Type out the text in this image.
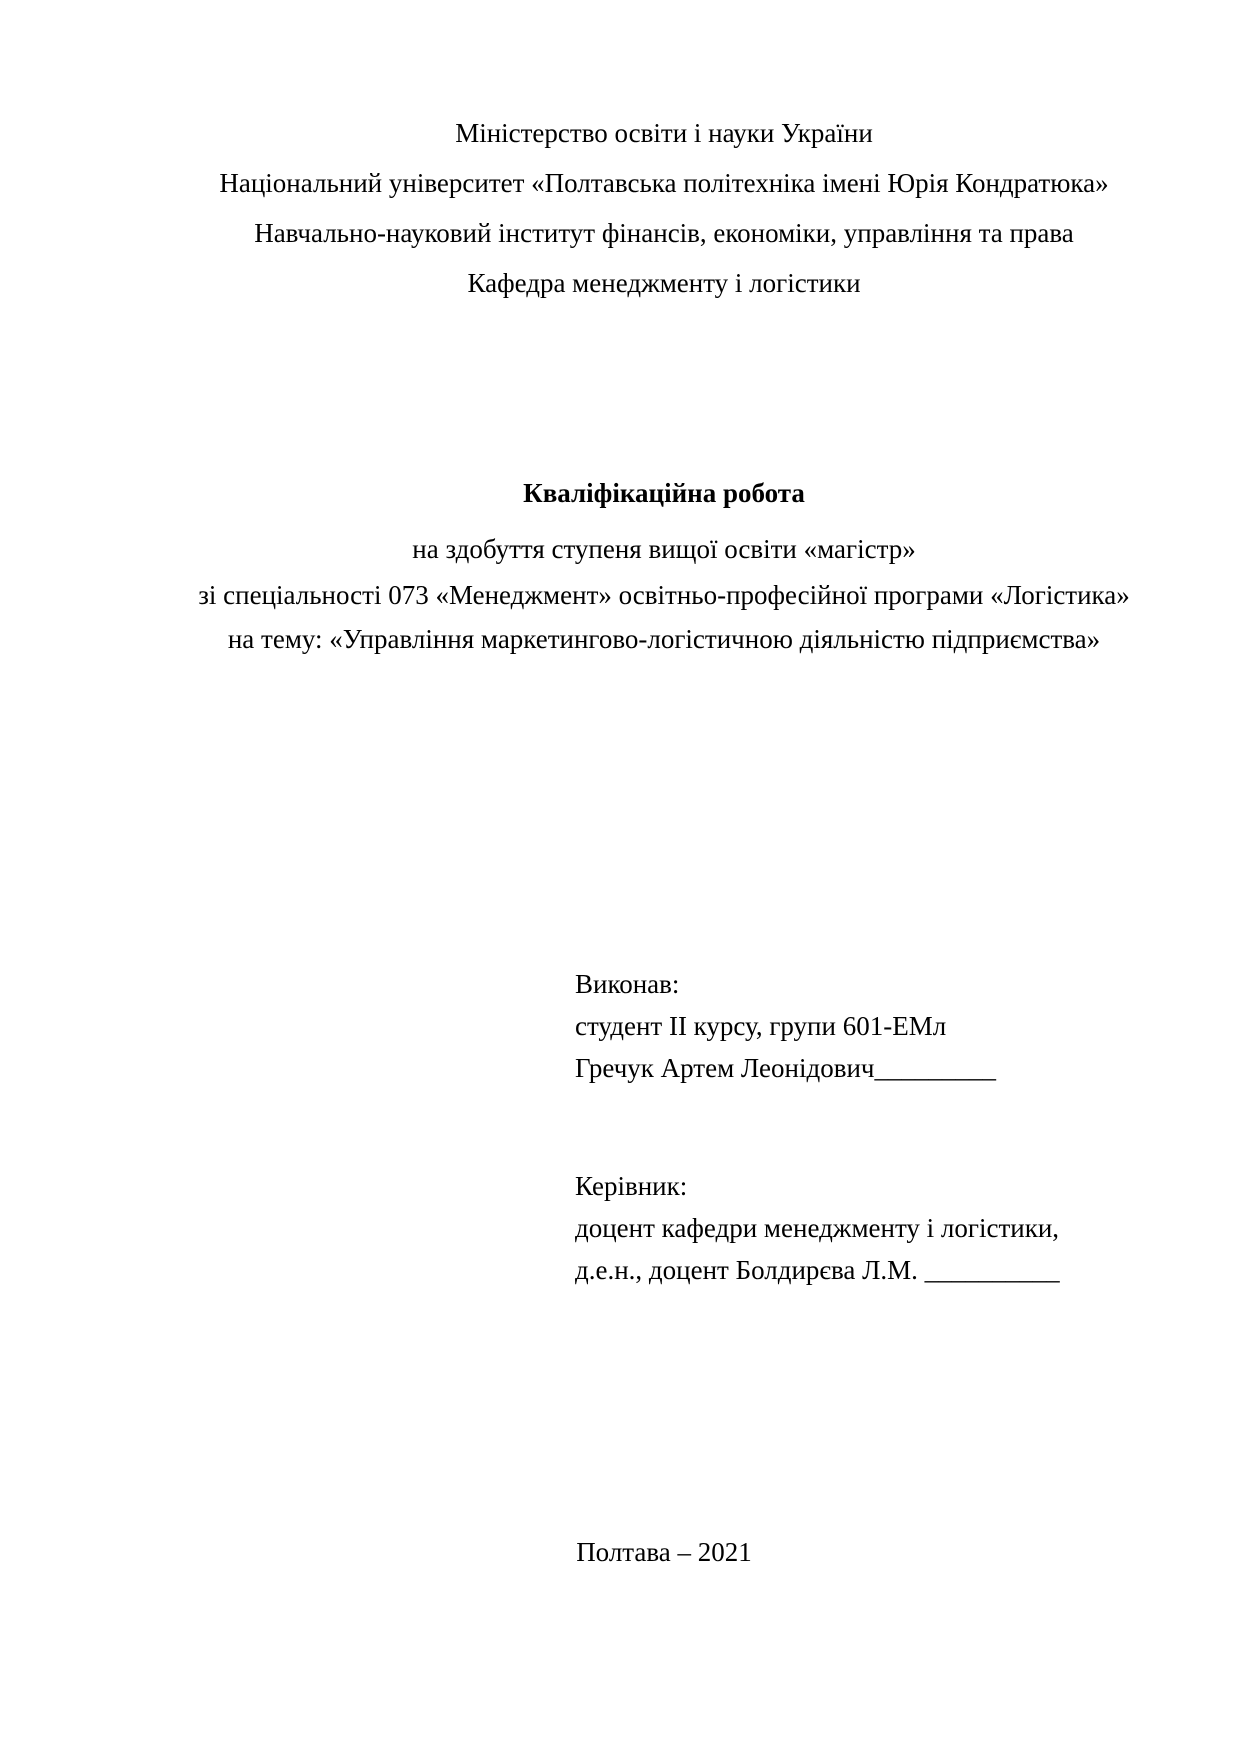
Міністерство освіти і науки України
Національний університет «Полтавська політехніка імені Юрія Кондратюка»
Навчально-науковий інститут фінансів, економіки, управління та права
Кафедра менеджменту і логістики
Кваліфікаційна робота
на здобуття ступеня вищої освіти «магістр»
зі спеціальності 073 «Менеджмент» освітньо-професійної програми «Логістика»
на тему: «Управління маркетингово-логістичною діяльністю підприємства»
Виконав:
студент ІІ курсу, групи 601-ЕМл
Гречук Артем Леонідович_________
Керівник:
доцент кафедри менеджменту і логістики,
д.е.н., доцент Болдирєва Л.М. __________
Полтава – 2021
